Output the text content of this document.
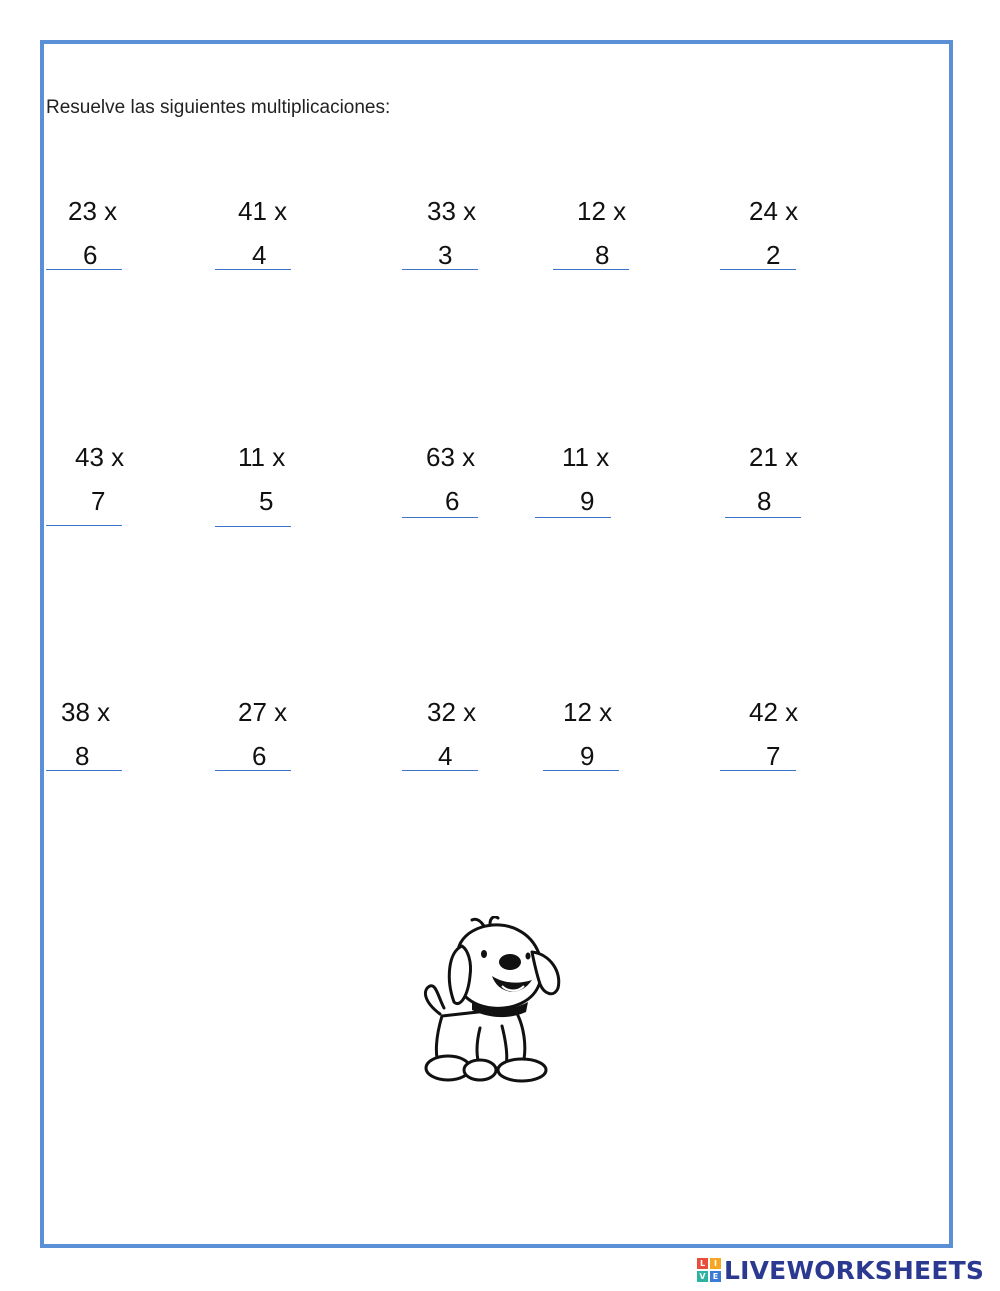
Resuelve las siguientes multiplicaciones:
23 x
6
41 x
4
33 x
3
12 x
8
24 x
2
43 x
7
11 x
5
63 x
6
11 x
9
21 x
8
38 x
8
27 x
6
32 x
4
12 x
9
42 x
7
L	I
V E LIVEWORKSHEETS
